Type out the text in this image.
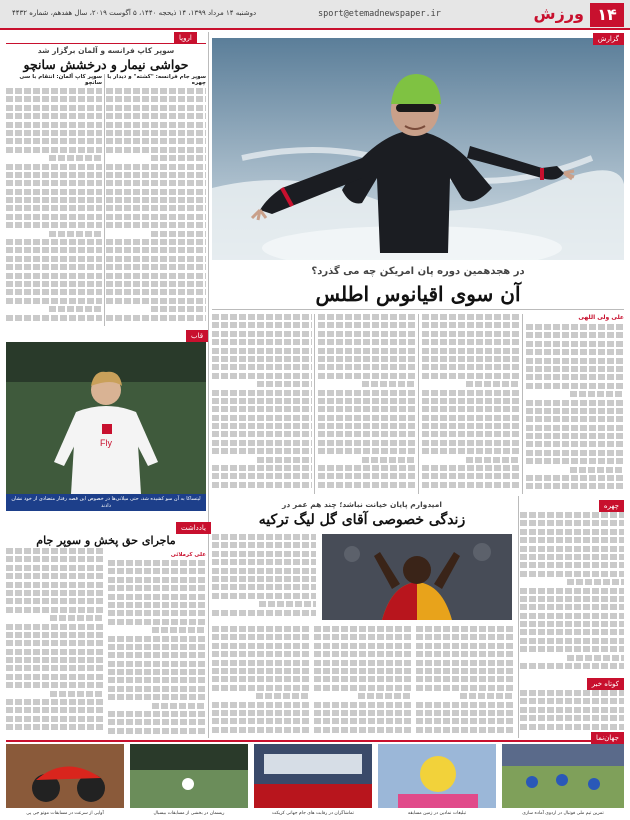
۱۴
ورزش
sport@etemadnewspaper.ir
دوشنبه ۱۴ مرداد ۱۳۹۹، ۱۴ ذیحجه ۱۴۴۰، ۵ آگوست ۲۰۱۹، سال هفدهم، شماره ۴۴۳۲
گزارش
در هجدهمین دوره پان امریکن چه می گذرد؟
آن سوی اقیانوس اطلس
علی ولی اللهی
چهره
کوتاه خبر
امیدوارم پایان خیانت نباشد؛ چند هم عمر در
زندگی خصوصی آقای گل لیگ ترکیه
اروپا
سوپر کاپ فرانسه و آلمان برگزار شد
حواشی نیمار و درخشش سانچو
سوپر جام فرانسه: "کشته" و دیدار با چهره
سوپر کاپ آلمان: انتقام با سی سانچو
قاب
Fly
لیتساکا به آن سو کشیده شد، حتی میلانی‌ها در خصوص این قصه رفتار متضادی از خود نشان دادند
یادداشت
ماجرای حق پخش و سوپر جام
علی کرملائی
جهان‌نما
آوایی از سرعت در مسابقات موتو جی پی	ریسمان در بخشی از مسابقات بیسبال	تماشاگران در رقابت های جام جهانی کریکت	تبلیغات نمادین در زمین مسابقه	تمرین تیم ملی فوتبال در اردوی آماده سازی
